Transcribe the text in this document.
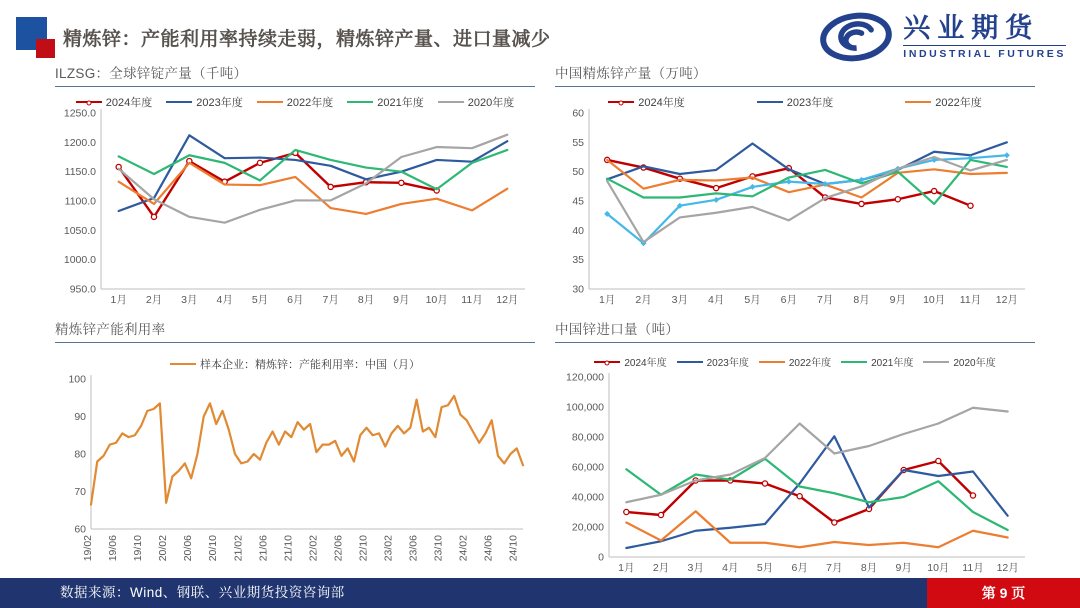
精炼锌：产能利用率持续走弱，精炼锌产量、进口量减少	兴业期货
INDUSTRIAL FUTURES
ILZSG：全球锌锭产量（千吨）
950.0
1000.0
1050.0
1100.0
1150.0
1200.0
1250.0
1月 2月 3月 4月 5月 6月 7月 8月 9月 10月 11月 12月
2024年度	2023年度	2022年度	2021年度	2020年度
中国精炼锌产量（万吨）
30
35
40
45
50
55
60
1月 2月 3月 4月 5月 6月 7月 8月 9月 10月 11月 12月
2024年度	2023年度	2022年度
精炼锌产能利用率
60
70
80
90
100
19/02 19/06 19/10 20/02 20/06 20/10 21/02 21/06 21/10 22/02 22/06 22/10 23/02 23/06 23/10 24/02 24/06 24/10
样本企业：精炼锌：产能利用率：中国（月）
中国锌进口量（吨）
0
20,000
40,000
60,000
80,000
100,000
120,000
1月 2月 3月 4月 5月 6月 7月 8月 9月 10月 11月 12月
2024年度	2023年度	2022年度	2021年度	2020年度
数据来源：Wind、钢联、兴业期货投资咨询部	第 9 页
